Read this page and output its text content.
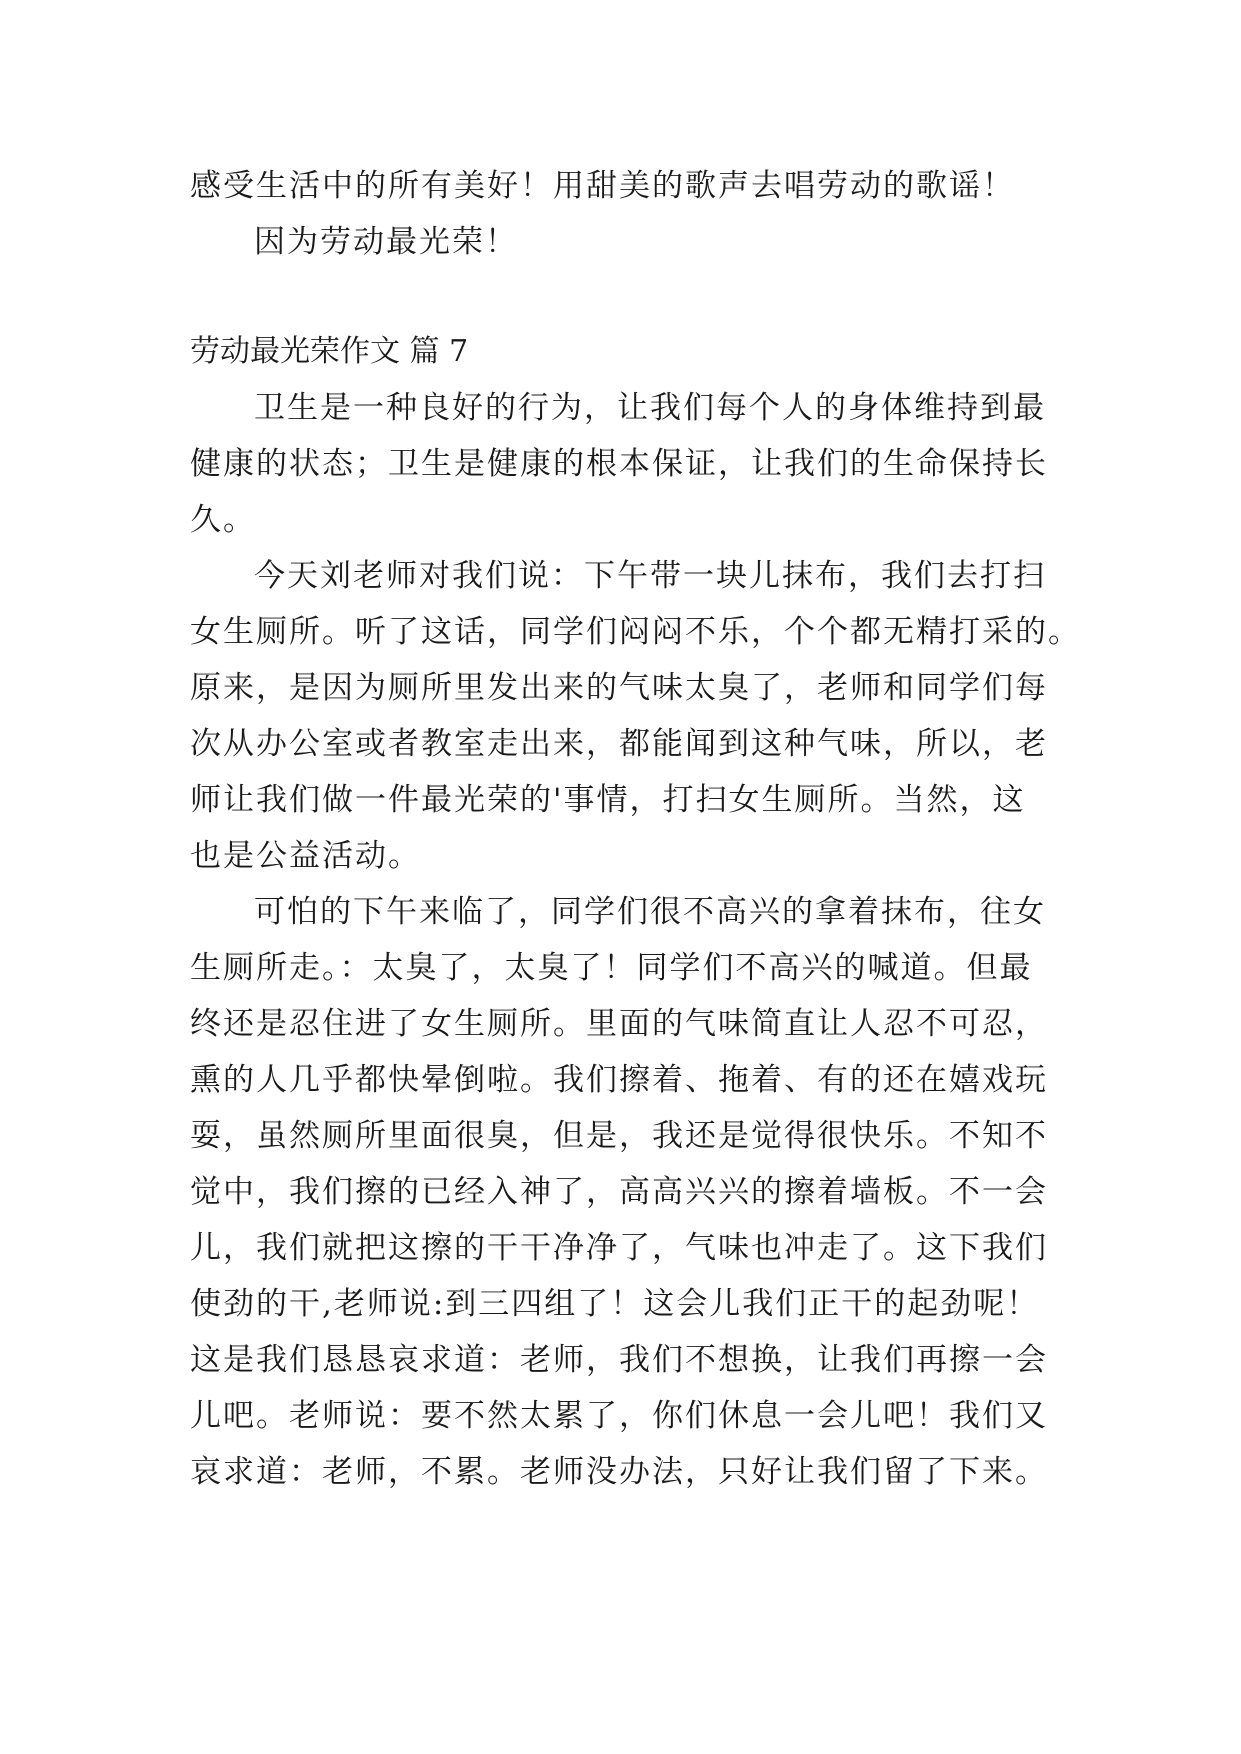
感受生活中的所有美好！用甜美的歌声去唱劳动的歌谣！
因为劳动最光荣！
劳动最光荣作文 篇 7
卫生是一种良好的行为，让我们每个人的身体维持到最
健康的状态；卫生是健康的根本保证，让我们的生命保持长
久。
今天刘老师对我们说：下午带一块儿抹布，我们去打扫
女生厕所。听了这话，同学们闷闷不乐，个个都无精打采的。
原来，是因为厕所里发出来的气味太臭了，老师和同学们每
次从办公室或者教室走出来，都能闻到这种气味，所以，老
师让我们做一件最光荣的'事情，打扫女生厕所。当然，这
也是公益活动。
可怕的下午来临了，同学们很不高兴的拿着抹布，往女
生厕所走。：太臭了，太臭了！同学们不高兴的喊道。但最
终还是忍住进了女生厕所。里面的气味简直让人忍不可忍，
熏的人几乎都快晕倒啦。我们擦着、拖着、有的还在嬉戏玩
耍，虽然厕所里面很臭，但是，我还是觉得很快乐。不知不
觉中，我们擦的已经入神了，高高兴兴的擦着墙板。不一会
儿，我们就把这擦的干干净净了，气味也冲走了。这下我们
使劲的干,老师说:到三四组了！这会儿我们正干的起劲呢！
这是我们恳恳哀求道：老师，我们不想换，让我们再擦一会
儿吧。老师说：要不然太累了，你们休息一会儿吧！我们又
哀求道：老师，不累。老师没办法，只好让我们留了下来。
